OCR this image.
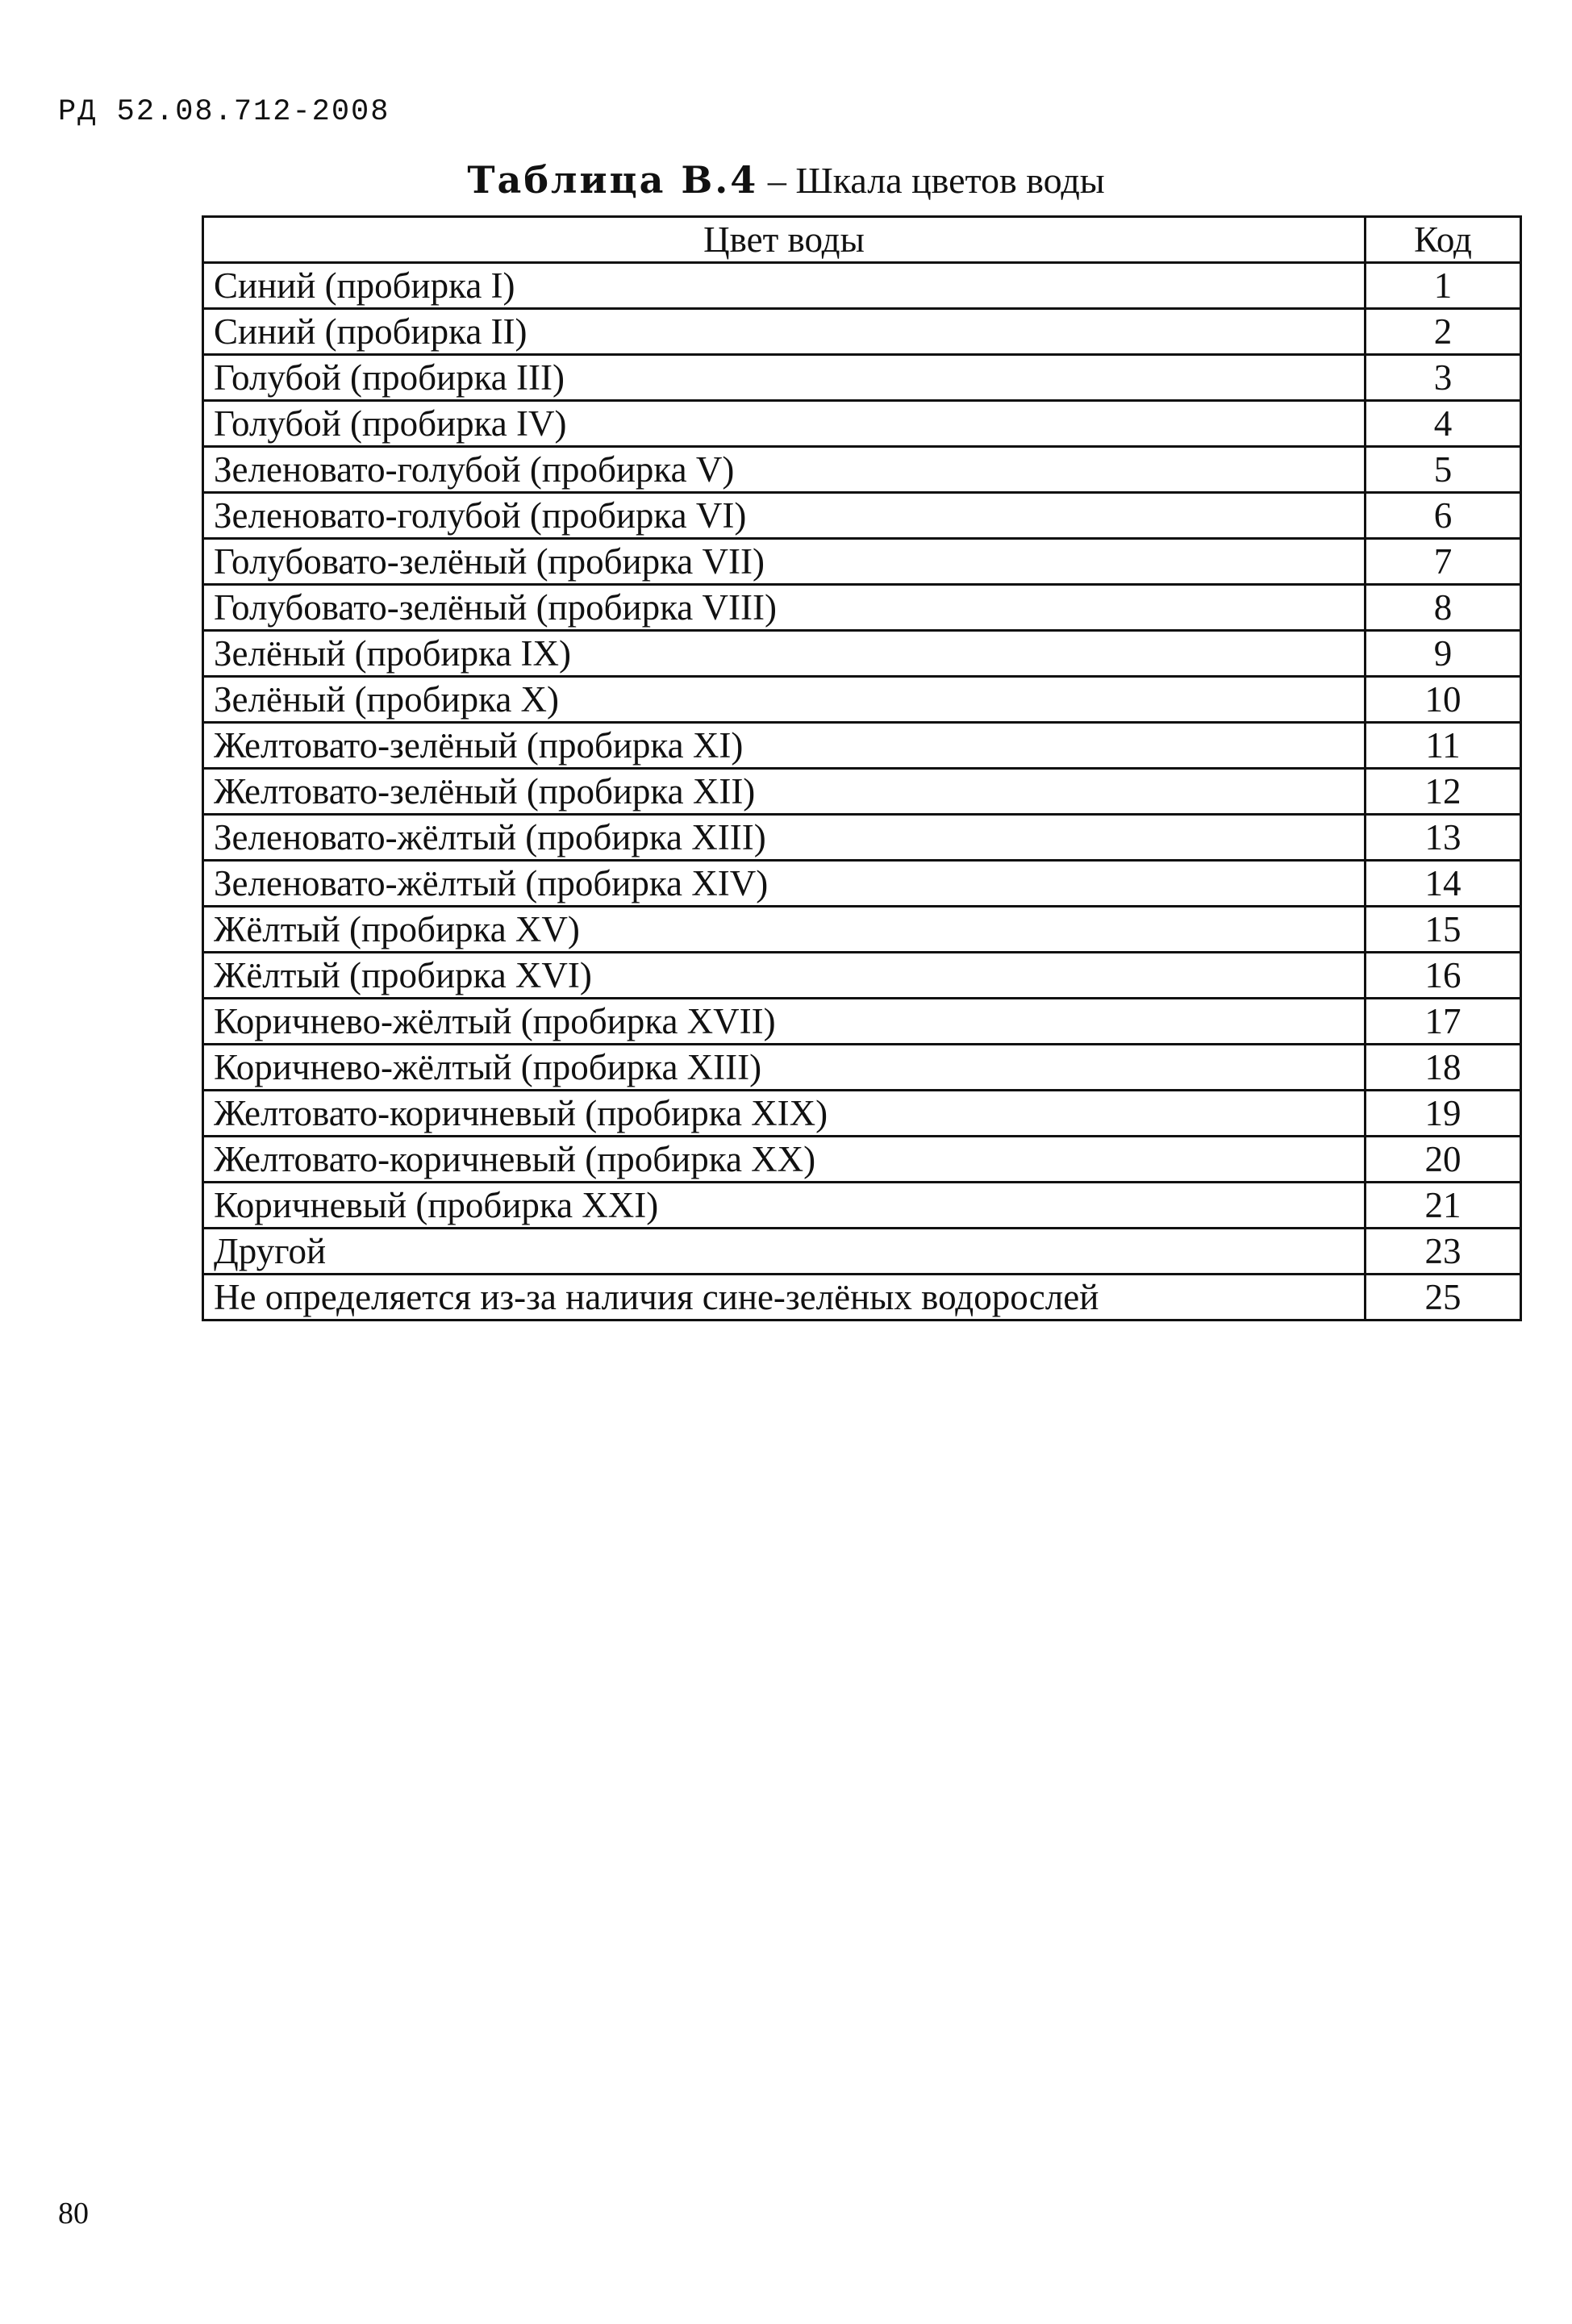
РД 52.08.712-2008
Таблица В.4 – Шкала цветов воды
Цвет воды	Код
Синий (пробирка I)	1
Синий (пробирка II)	2
Голубой (пробирка III)	3
Голубой (пробирка IV)	4
Зеленовато-голубой (пробирка V)	5
Зеленовато-голубой (пробирка VI)	6
Голубовато-зелёный (пробирка VII)	7
Голубовато-зелёный (пробирка VIII)	8
Зелёный (пробирка IX)	9
Зелёный (пробирка X)	10
Желтовато-зелёный (пробирка XI)	11
Желтовато-зелёный (пробирка XII)	12
Зеленовато-жёлтый (пробирка XIII)	13
Зеленовато-жёлтый (пробирка XIV)	14
Жёлтый (пробирка XV)	15
Жёлтый (пробирка XVI)	16
Коричнево-жёлтый (пробирка XVII)	17
Коричнево-жёлтый (пробирка XIII)	18
Желтовато-коричневый (пробирка XIX)	19
Желтовато-коричневый (пробирка XX)	20
Коричневый (пробирка XXI)	21
Другой	23
Не определяется из-за наличия сине-зелёных водорослей	25
80
